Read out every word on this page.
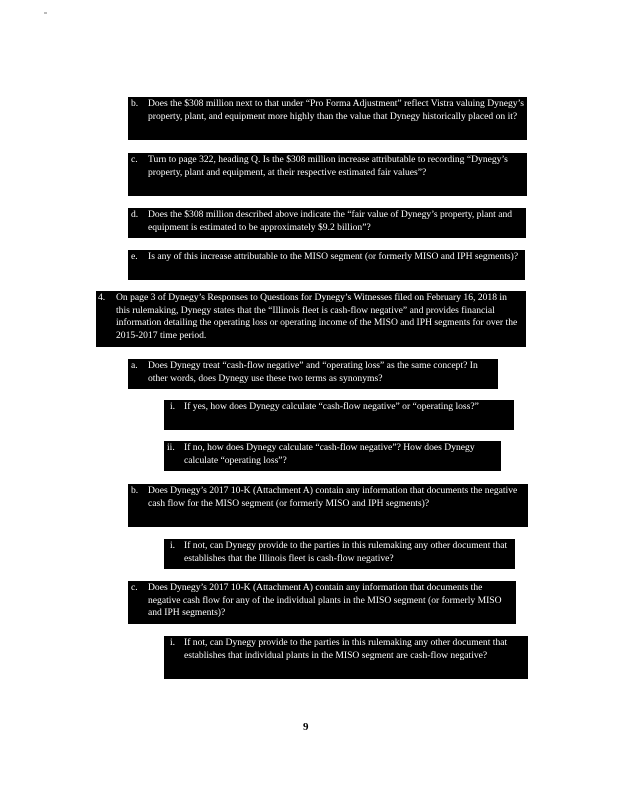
b. Does the $308 million next to that under “Pro Forma Adjustment” reflect Vistra valuing Dynegy’s property, plant, and equipment more highly than the value that Dynegy historically placed on it?
c. Turn to page 322, heading Q. Is the $308 million increase attributable to recording “Dynegy’s property, plant and equipment, at their respective estimated fair values”?
d. Does the $308 million described above indicate the “fair value of Dynegy’s property, plant and equipment is estimated to be approximately $9.2 billion”?
e. Is any of this increase attributable to the MISO segment (or formerly MISO and IPH segments)?
4. On page 3 of Dynegy’s Responses to Questions for Dynegy’s Witnesses filed on February 16, 2018 in this rulemaking, Dynegy states that the “Illinois fleet is cash-flow negative” and provides financial information detailing the operating loss or operating income of the MISO and IPH segments for over the 2015-2017 time period.
a. Does Dynegy treat “cash-flow negative” and “operating loss” as the same concept? In other words, does Dynegy use these two terms as synonyms?
i. If yes, how does Dynegy calculate “cash-flow negative” or “operating loss?”
ii. If no, how does Dynegy calculate “cash-flow negative”? How does Dynegy calculate “operating loss”?
b. Does Dynegy’s 2017 10-K (Attachment A) contain any information that documents the negative cash flow for the MISO segment (or formerly MISO and IPH segments)?
i. If not, can Dynegy provide to the parties in this rulemaking any other document that establishes that the Illinois fleet is cash-flow negative?
c. Does Dynegy’s 2017 10-K (Attachment A) contain any information that documents the negative cash flow for any of the individual plants in the MISO segment (or formerly MISO and IPH segments)?
i. If not, can Dynegy provide to the parties in this rulemaking any other document that establishes that individual plants in the MISO segment are cash-flow negative?
9
